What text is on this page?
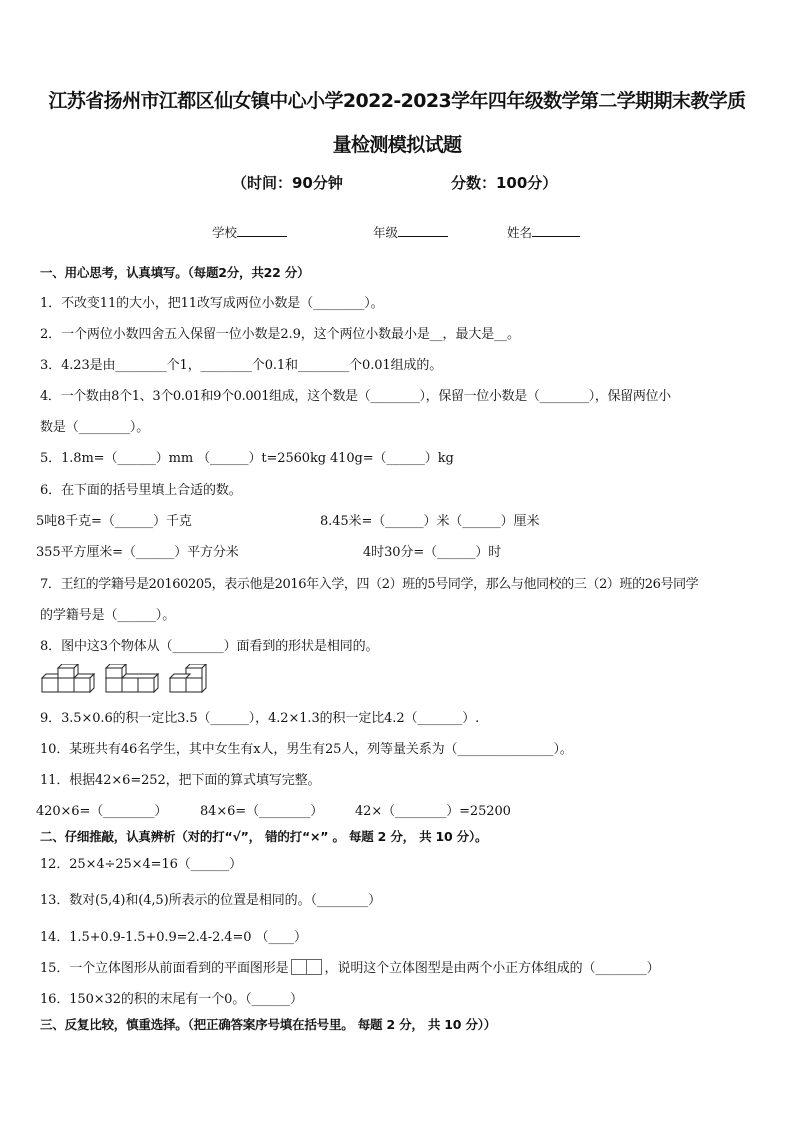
江苏省扬州市江都区仙女镇中心小学2022-2023学年四年级数学第二学期期末教学质
量检测模拟试题
（时间：90分钟	分数：100分）
学校	年级	姓名
一、用心思考，认真填写。（每题2分，共22 分）
1．不改变11的大小，把11改写成两位小数是（________）。
2．一个两位小数四舍五入保留一位小数是2.9，这个两位小数最小是__，最大是__。
3．4.23是由________个1，________个0.1和________个0.01组成的。
4．一个数由8个1、3个0.01和9个0.001组成，这个数是（________），保留一位小数是（________），保留两位小
数是（________）。
5．1.8m=（______）mm （______）t=2560kg 410g=（______）kg
6．在下面的括号里填上合适的数。
5吨8千克=（______）千克	8.45米=（______）米（______）厘米
355平方厘米=（______）平方分米	4时30分=（______）时
7．王红的学籍号是20160205，表示他是2016年入学，四（2）班的5号同学，那么与他同校的三（2）班的26号同学
的学籍号是（______）。
8．图中这3个物体从（________）面看到的形状是相同的。
9．3.5×0.6的积一定比3.5（______），4.2×1.3的积一定比4.2（_______）.
10．某班共有46名学生，其中女生有x人，男生有25人，列等量关系为（_______________）。
11．根据42×6=252，把下面的算式填写完整。
420×6=（________）	84×6=（________） 42×（________）=25200
二、仔细推敲，认真辨析（对的打“√”， 错的打“×” 。 每题 2 分， 共 10 分）。
12．25×4÷25×4=16（______）
13．数对(5,4)和(4,5)所表示的位置是相同的。（________）
14．1.5+0.9-1.5+0.9=2.4-2.4=0 （____）
15．一个立体图形从前面看到的平面图形是	，说明这个立体图型是由两个小正方体组成的（________）
16．150×32的积的末尾有一个0。（______）
三、反复比较，慎重选择。（把正确答案序号填在括号里。 每题 2 分， 共 10 分））
